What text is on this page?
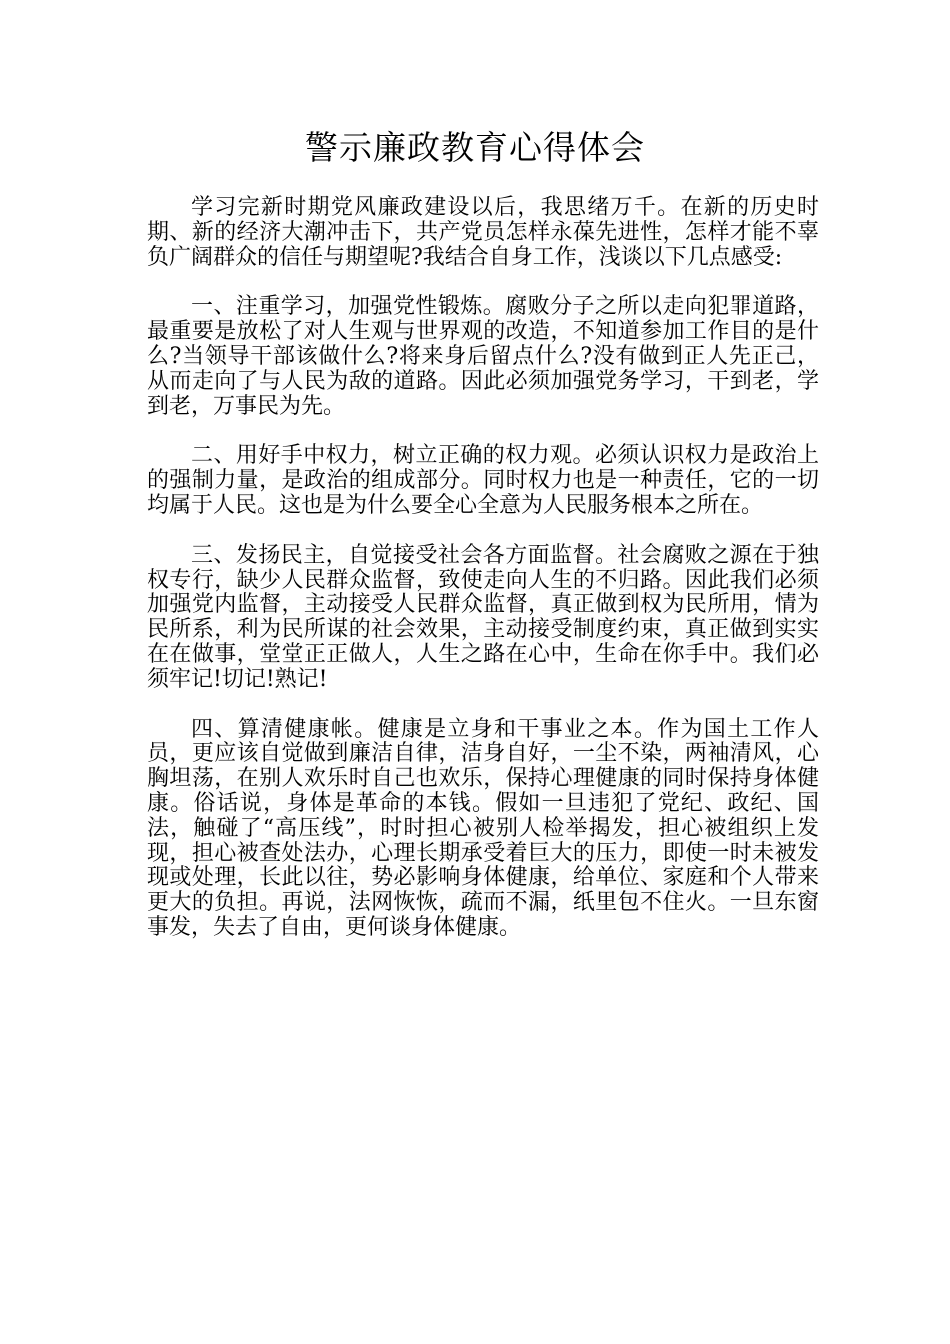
警示廉政教育心得体会

学习完新时期党风廉政建设以后，我思绪万千。在新的历史时期、新的经济大潮冲击下，共产党员怎样永葆先进性，怎样才能不辜负广阔群众的信任与期望呢?我结合自身工作，浅谈以下几点感受:

一、注重学习，加强党性锻炼。腐败分子之所以走向犯罪道路，最重要是放松了对人生观与世界观的改造，不知道参加工作目的是什么?当领导干部该做什么?将来身后留点什么?没有做到正人先正己，从而走向了与人民为敌的道路。因此必须加强党务学习，干到老，学到老，万事民为先。

二、用好手中权力，树立正确的权力观。必须认识权力是政治上的强制力量，是政治的组成部分。同时权力也是一种责任，它的一切均属于人民。这也是为什么要全心全意为人民服务根本之所在。

三、发扬民主，自觉接受社会各方面监督。社会腐败之源在于独权专行，缺少人民群众监督，致使走向人生的不归路。因此我们必须加强党内监督，主动接受人民群众监督，真正做到权为民所用，情为民所系，利为民所谋的社会效果，主动接受制度约束，真正做到实实在在做事，堂堂正正做人，人生之路在心中，生命在你手中。我们必须牢记!切记!熟记!

四、算清健康帐。健康是立身和干事业之本。作为国土工作人员，更应该自觉做到廉洁自律，洁身自好，一尘不染，两袖清风，心胸坦荡，在别人欢乐时自己也欢乐，保持心理健康的同时保持身体健康。俗话说，身体是革命的本钱。假如一旦违犯了党纪、政纪、国法，触碰了“高压线”，时时担心被别人检举揭发，担心被组织上发现，担心被查处法办，心理长期承受着巨大的压力，即使一时未被发现或处理，长此以往，势必影响身体健康，给单位、家庭和个人带来更大的负担。再说，法网恢恢，疏而不漏，纸里包不住火。一旦东窗事发，失去了自由，更何谈身体健康。
